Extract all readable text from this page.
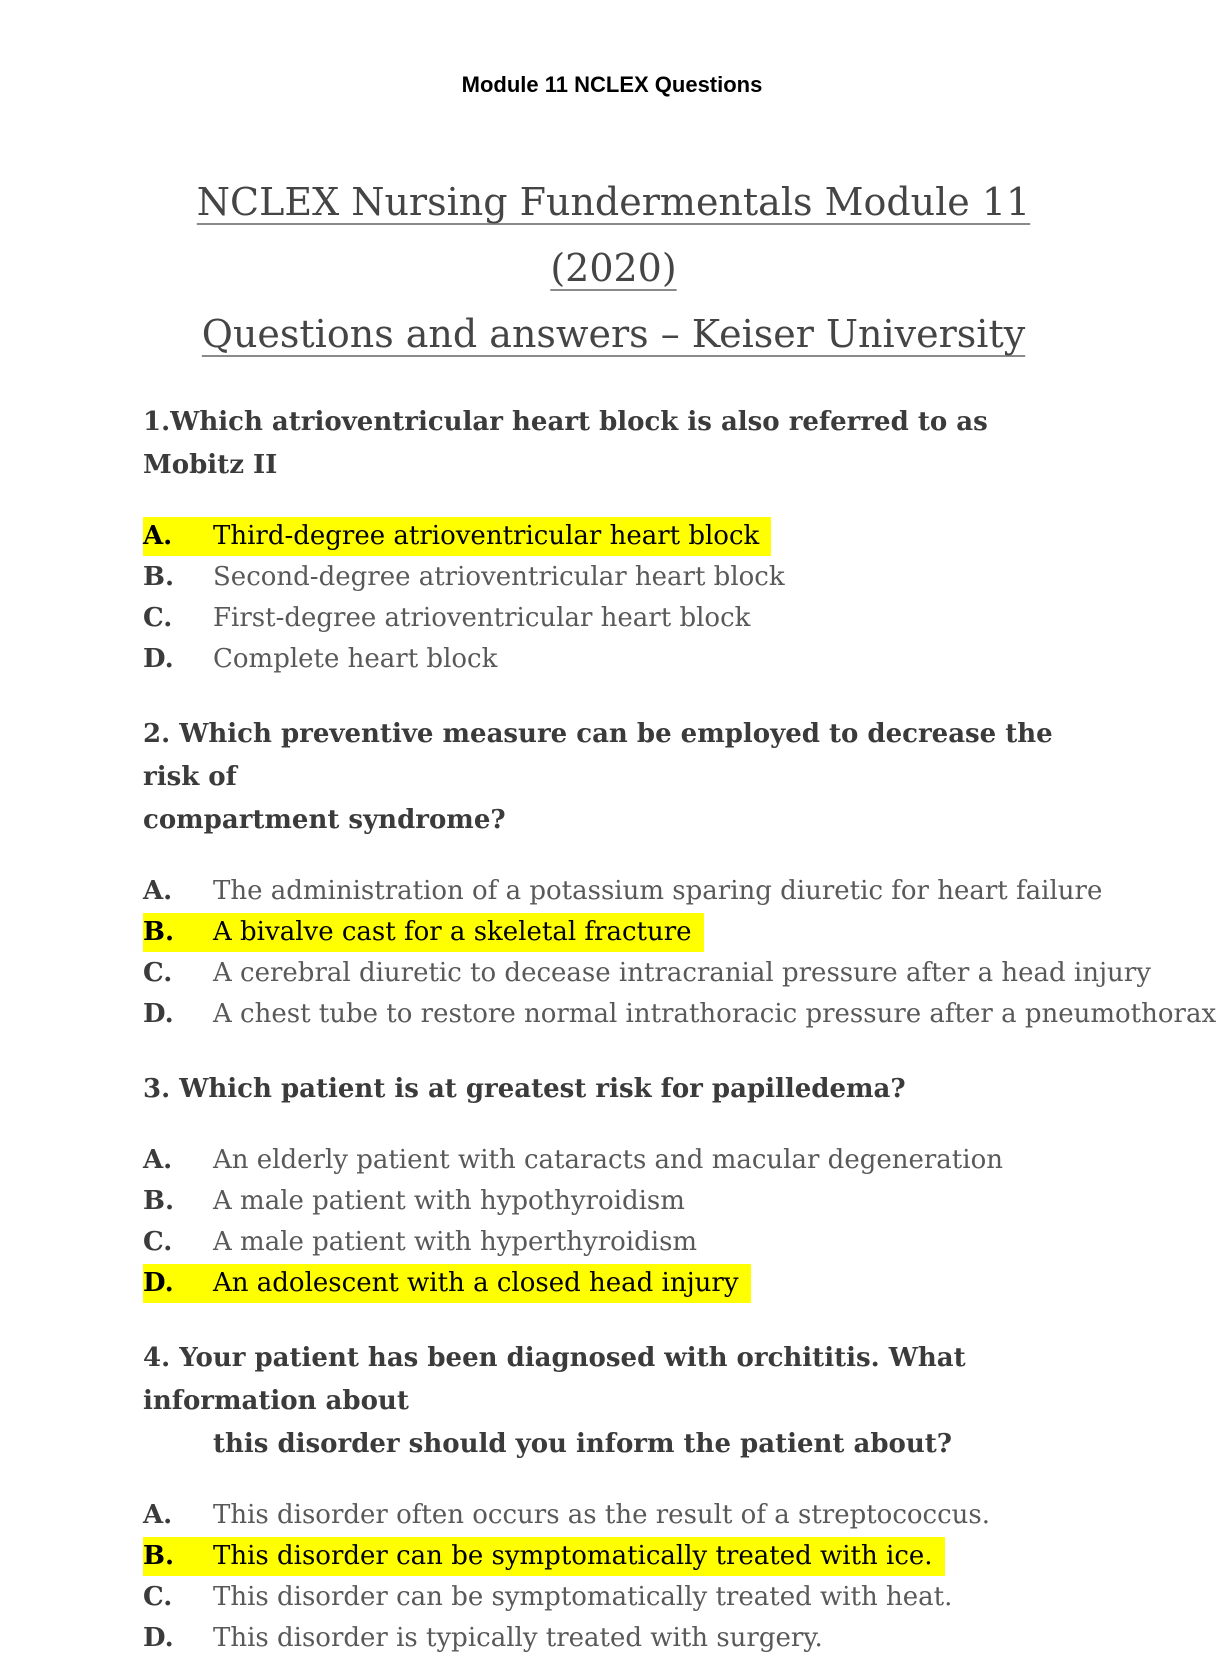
Module 11 NCLEX Questions
NCLEX Nursing Fundermentals Module 11 (2020)
Questions and answers – Keiser University
1.Which atrioventricular heart block is also referred to as Mobitz II
A.	Third-degree atrioventricular heart block
B.	Second-degree atrioventricular heart block
C.	First-degree atrioventricular heart block
D.	Complete heart block
2. Which preventive measure can be employed to decrease the risk of
compartment syndrome?
A.	The administration of a potassium sparing diuretic for heart failure
B.	A bivalve cast for a skeletal fracture
C.	A cerebral diuretic to decease intracranial pressure after a head injury
D.	A chest tube to restore normal intrathoracic pressure after a pneumothorax
3. Which patient is at greatest risk for papilledema?
A.	An elderly patient with cataracts and macular degeneration
B.	A male patient with hypothyroidism
C.	A male patient with hyperthyroidism
D.	An adolescent with a closed head injury
4. Your patient has been diagnosed with orchititis. What information about
this disorder should you inform the patient about?
A.	This disorder often occurs as the result of a streptococcus.
B.	This disorder can be symptomatically treated with ice.
C.	This disorder can be symptomatically treated with heat.
D.	This disorder is typically treated with surgery.
